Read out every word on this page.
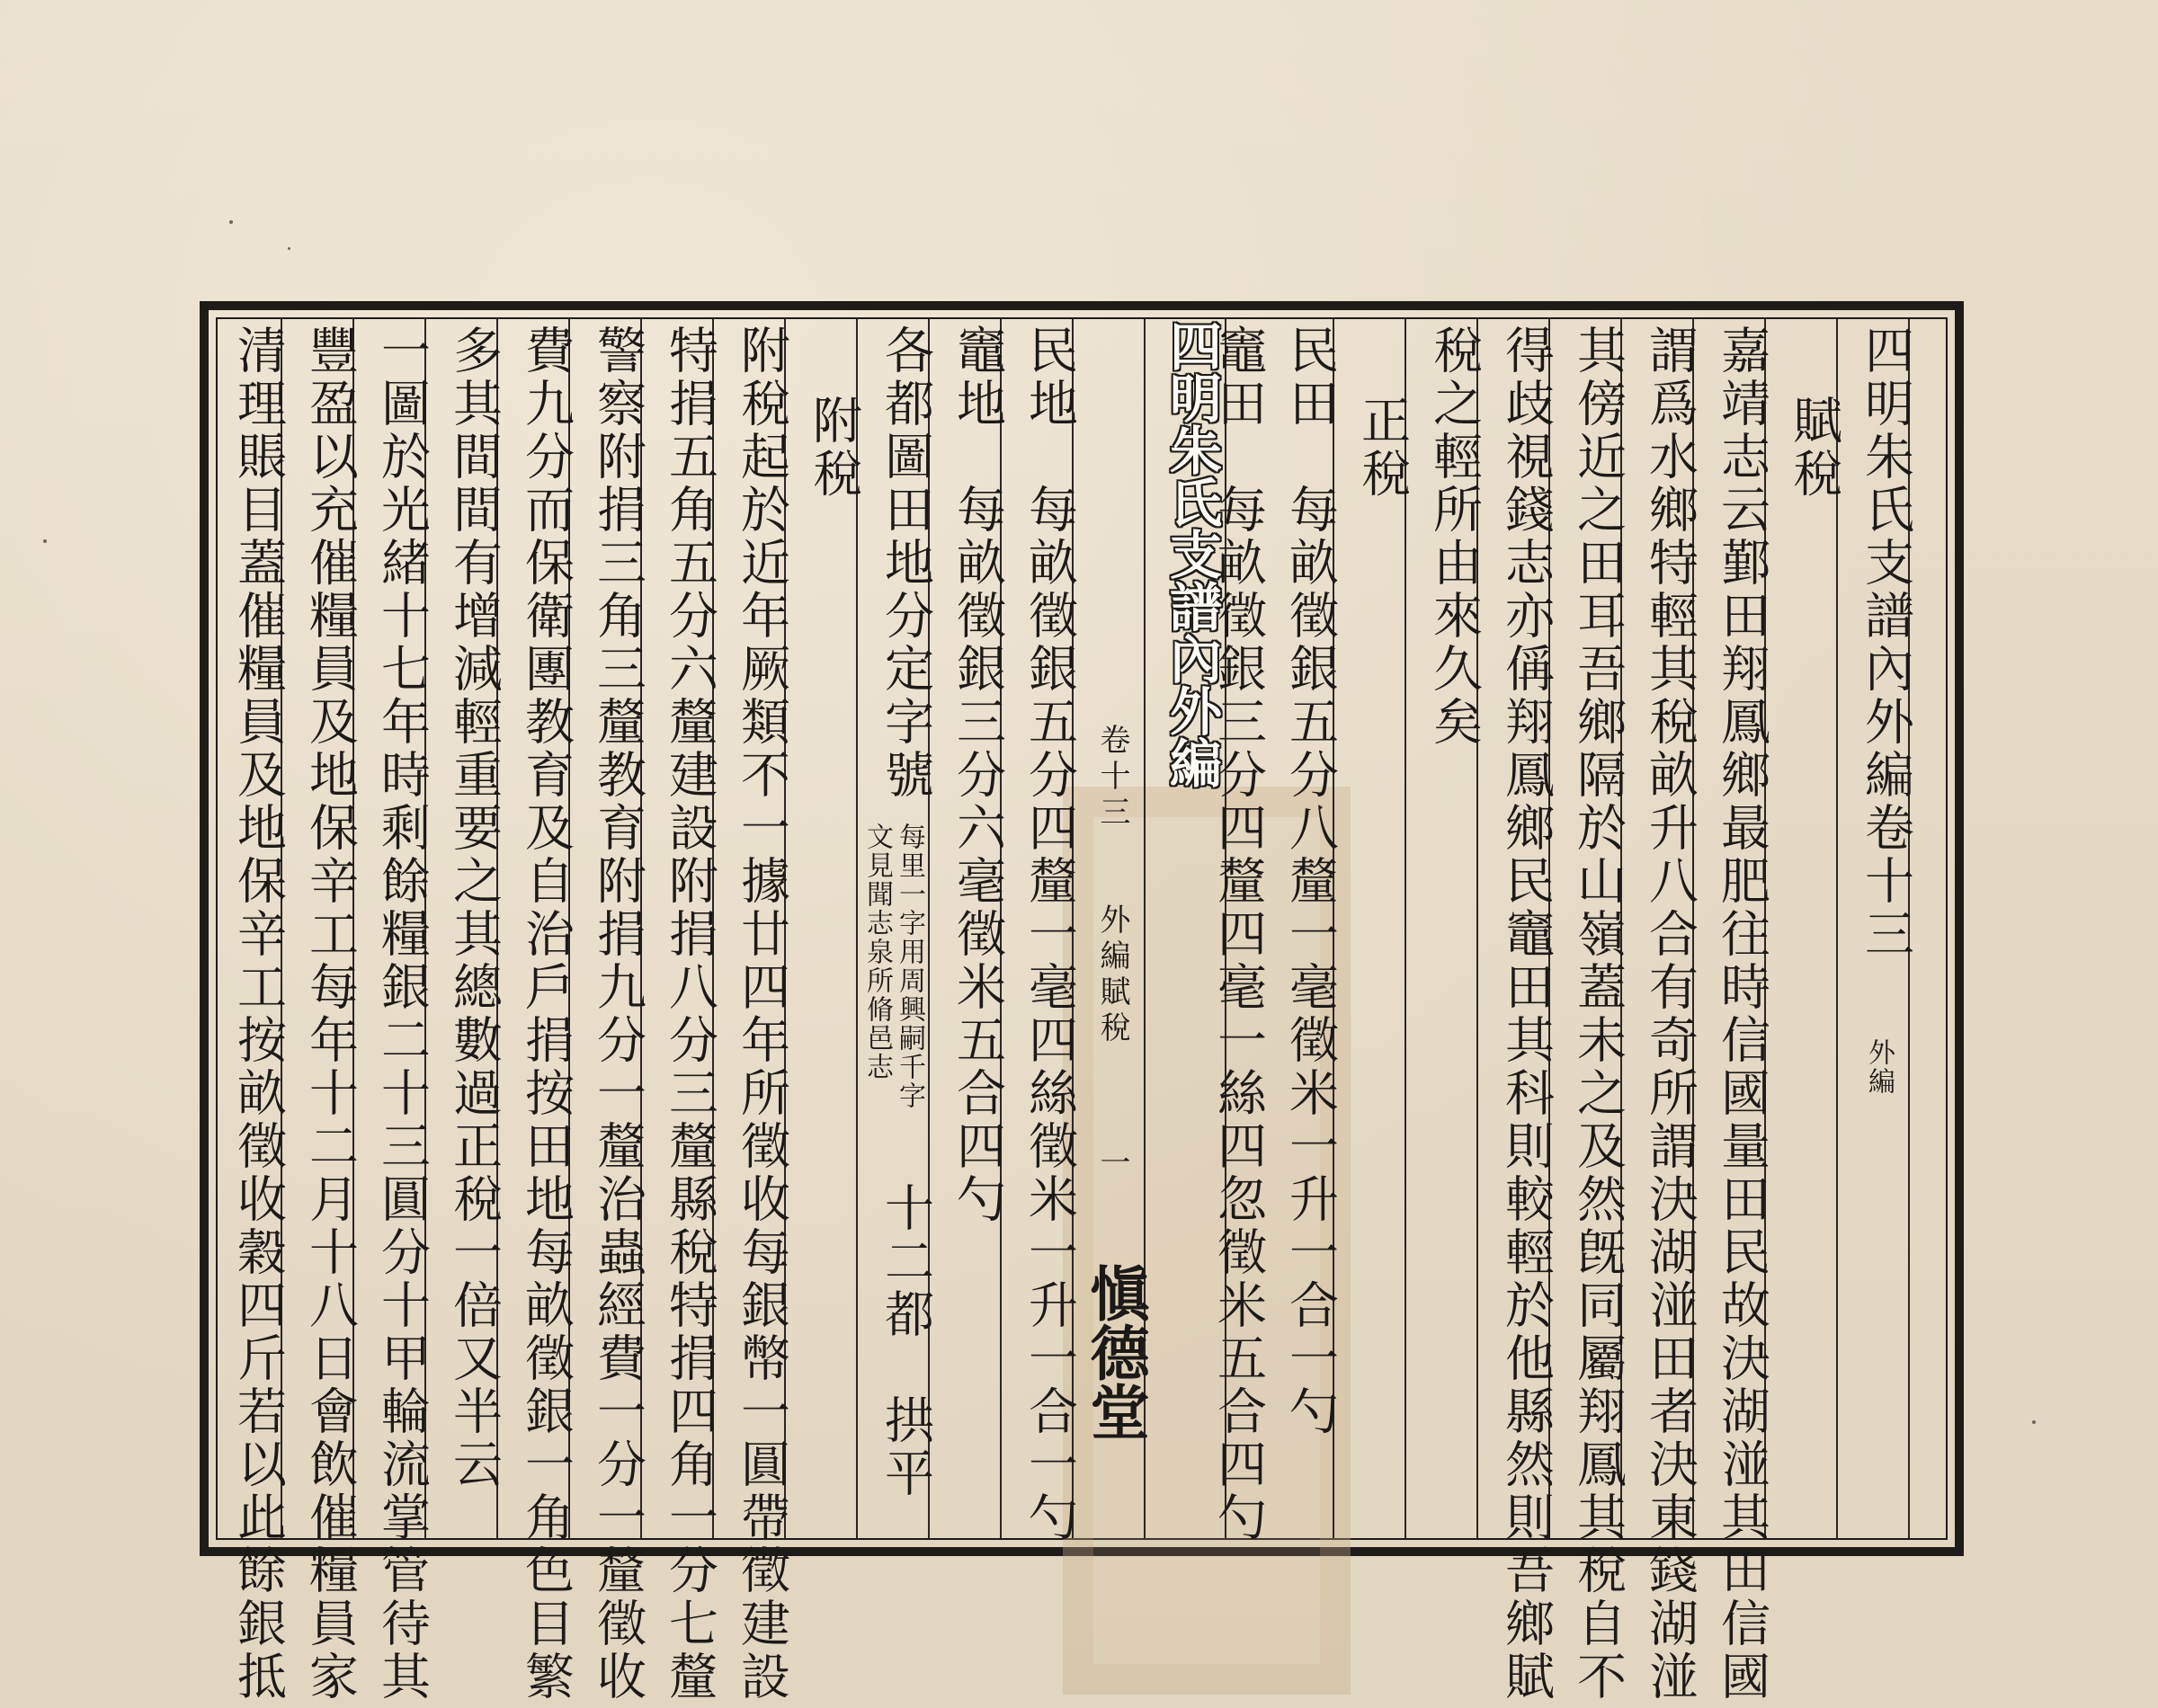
四明朱氏支譜內外編卷十三
外編
賦稅
嘉靖志云鄞田翔鳳鄉最肥往時信國量田民故決湖湴其田信國
謂爲水鄉特輕其稅畝升八合有奇所謂決湖湴田者決東錢湖湴
其傍近之田耳吾鄉隔於山嶺蓋未之及然旣同屬翔鳳其稅自不
得歧視錢志亦偁翔鳳鄉民竈田其科則較輕於他縣然則吾鄉賦
稅之輕所由來久矣
正稅
民田　每畝徵銀五分八釐一毫徵米一升一合一勺
竈田　每畝徵銀三分四釐四毫一絲四忽徵米五合四勺
四明朱氏支譜內外編
卷十三
外編賦稅
一
愼德堂
民地　每畝徵銀五分四釐一毫四絲徵米一升一合一勺
竈地　每畝徵銀三分六毫徵米五合四勺
各都圖田地分定字號
每里一字用周興嗣千字
文見聞志泉所脩邑志
十二都　拱平
附稅
附稅起於近年厥類不一據廿四年所徵收每銀幣一圓帶徵建設
特捐五角五分六釐建設附捐八分三釐縣稅特捐四角一分七釐
警察附捐三角三釐教育附捐九分一釐治蟲經費一分一釐徵收
費九分而保衛團教育及自治戶捐按田地每畝徵銀一角色目繁
多其間間有增減輕重要之其總數過正稅一倍又半云
一圖於光緒十七年時剩餘糧銀二十三圓分十甲輪流掌管待其
豐盈以充催糧員及地保辛工每年十二月十八日會飲催糧員家
清理賬目蓋催糧員及地保辛工按畝徵收穀四斤若以此餘銀抵
